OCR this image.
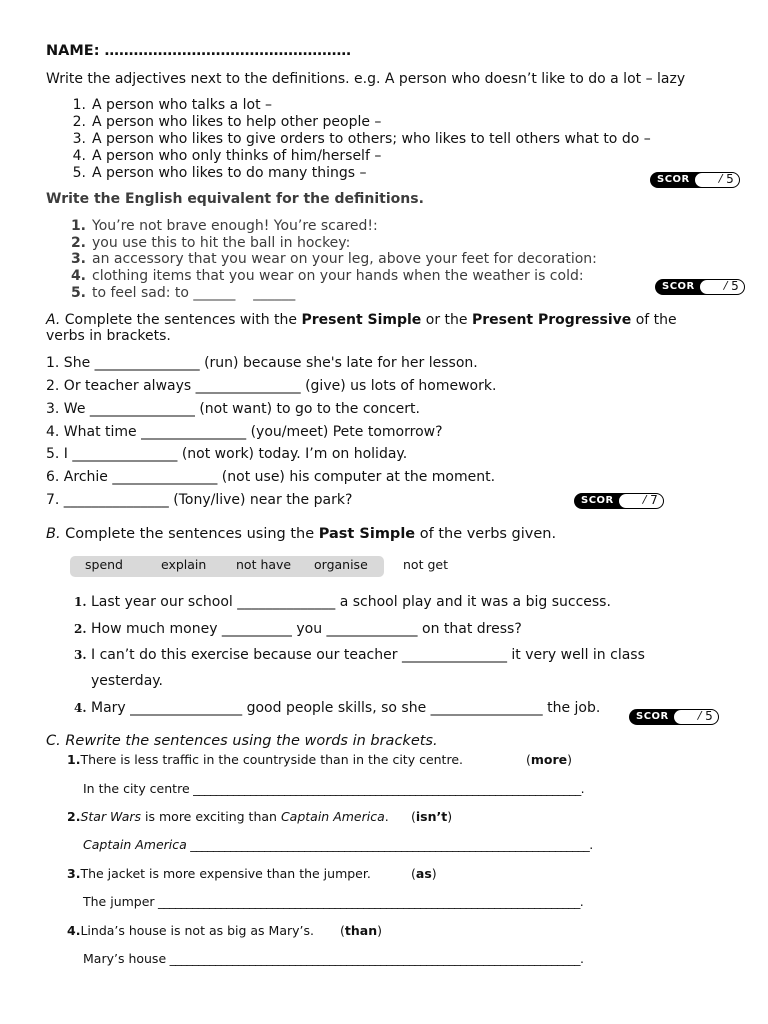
NAME: ……………………………………………
Write the adjectives next to the definitions. e.g. A person who doesn’t like to do a lot – lazy
1. A person who talks a lot –
2. A person who likes to help other people –
3. A person who likes to give orders to others; who likes to tell others what to do –
4. A person who only thinks of him/herself –
5. A person who likes to do many things –	SCOR	/ 5
Write the English equivalent for the definitions.
1. You’re not brave enough! You’re scared!:
2. you use this to hit the ball in hockey:
3. an accessory that you wear on your leg, above your feet for decoration:
4. clothing items that you wear on your hands when the weather is cold:
5. to feel sad: to ______    ______	SCOR	/ 5
A. Complete the sentences with the Present Simple or the Present Progressive of the
verbs in brackets.
1. She _______________ (run) because she's late for her lesson.
2. Or teacher always _______________ (give) us lots of homework.
3. We _______________ (not want) to go to the concert.
4. What time _______________ (you/meet) Pete tomorrow?
5. I _______________ (not work) today. I’m on holiday.
6. Archie _______________ (not use) his computer at the moment.
7. _______________ (Tony/live) near the park?	SCOR	/ 7
B. Complete the sentences using the Past Simple of the verbs given.
spend	explain not have organise	not get
1. Last year our school ______________ a school play and it was a big success.
2. How much money __________ you _____________ on that dress?
3. I can’t do this exercise because our teacher _______________ it very well in class
yesterday.
4. Mary ________________ good people skills, so she ________________ the job.
SCOR	/ 5
C. Rewrite the sentences using the words in brackets.
1.There is less traffic in the countryside than in the city centre.	(more)
In the city centre ____________________________________________________________________.
2.Star Wars is more exciting than Captain America. (isn’t)
Captain America ______________________________________________________________________.
3.The jacket is more expensive than the jumper.	(as)
The jumper __________________________________________________________________________.
4.Linda’s house is not as big as Mary’s. (than)
Mary’s house ________________________________________________________________________.
